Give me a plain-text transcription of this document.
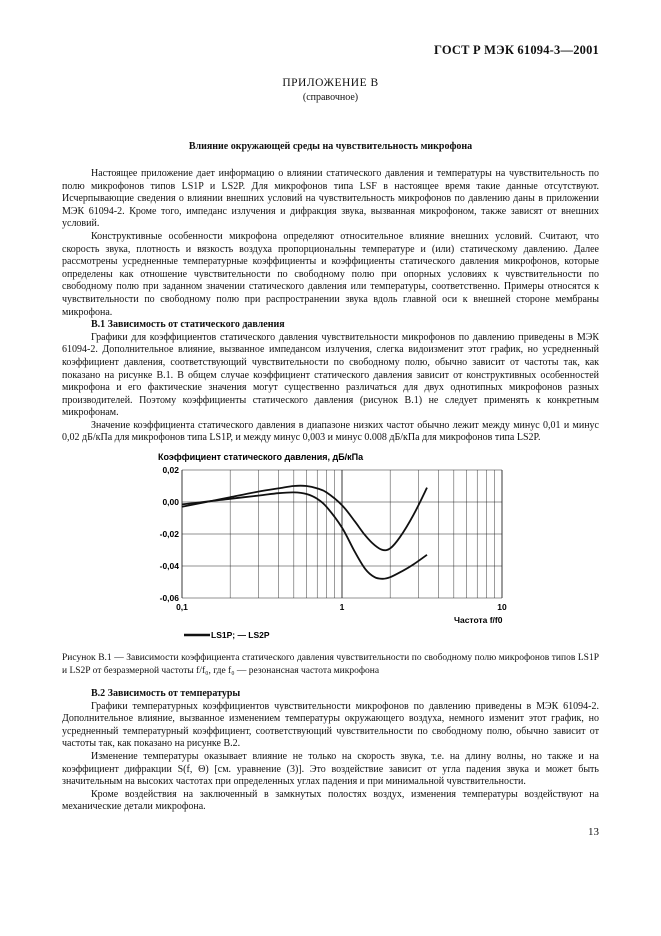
ГОСТ Р МЭК 61094-3—2001
ПРИЛОЖЕНИЕ В
(справочное)
Влияние окружающей среды на чувствительность микрофона

Настоящее приложение дает информацию о влиянии статического давления и температуры на чувствительность по полю микрофонов типов LS1P и LS2P. Для микрофонов типа LSF в настоящее время такие данные отсутствуют. Исчерпывающие сведения о влиянии внешних условий на чувствительность микрофонов по давлению даны в приложении МЭК 61094-2. Кроме того, импеданс излучения и дифракция звука, вызванная микрофоном, также зависят от внешних условий.

Конструктивные особенности микрофона определяют относительное влияние внешних условий. Считают, что скорость звука, плотность и вязкость воздуха пропорциональны температуре и (или) статическому давлению. Далее рассмотрены усредненные температурные коэффициенты и коэффициенты статического давления микрофонов, которые определены как отношение чувствительности по свободному полю при опорных условиях к чувствительности по свободному полю при заданном значении статического давления или температуры, соответственно. Примеры относятся к чувствительности по свободному полю при распространении звука вдоль главной оси к внешней стороне мембраны микрофона.

В.1 Зависимость от статического давления

Графики для коэффициентов статического давления чувствительности микрофонов по давлению приведены в МЭК 61094-2. Дополнительное влияние, вызванное импедансом излучения, слегка видоизменит этот график, но усредненный коэффициент давления, соответствующий чувствительности по свободному полю, обычно зависит от частоты так, как показано на рисунке В.1. В общем случае коэффициент статического давления зависит от конструктивных особенностей микрофона и его фактические значения могут существенно различаться для двух однотипных микрофонов разных производителей. Поэтому коэффициенты статического давления (рисунок В.1) не следует применять к конкретным микрофонам.

Значение коэффициента статического давления в диапазоне низких частот обычно лежит между минус 0,01 и минус 0,02 дБ/кПа для микрофонов типа LS1P, и между минус 0,003 и минус 0.008 дБ/кПа для микрофонов типа LS2P.

Коэффициент статического давления, дБ/кПа
0,02
0,00
-0,02
-0,04
-0,06
0,1	1	10
Частота f/f0
LS1P; — LS2P

Рисунок В.1 — Зависимости коэффициента статического давления чувствительности по свободному полю микрофонов типов LS1P и LS2P от безразмерной частоты f/f₀, где f₀ — резонансная частота микрофона

В.2 Зависимость от температуры

Графики температурных коэффициентов чувствительности микрофонов по давлению приведены в МЭК 61094-2. Дополнительное влияние, вызванное изменением температуры окружающего воздуха, немного изменит этот график, но усредненный температурный коэффициент, соответствующий чувствительности по свободному полю, обычно зависит от частоты так, как показано на рисунке В.2.

Изменение температуры оказывает влияние не только на скорость звука, т.е. на длину волны, но также и на коэффициент дифракции S(f, Θ) [см. уравнение (3)]. Это воздействие зависит от угла падения звука и может быть значительным на высоких частотах при определенных углах падения и при минимальной чувствительности.

Кроме воздействия на заключенный в замкнутых полостях воздух, изменения температуры воздействуют на механические детали микрофона.

13
